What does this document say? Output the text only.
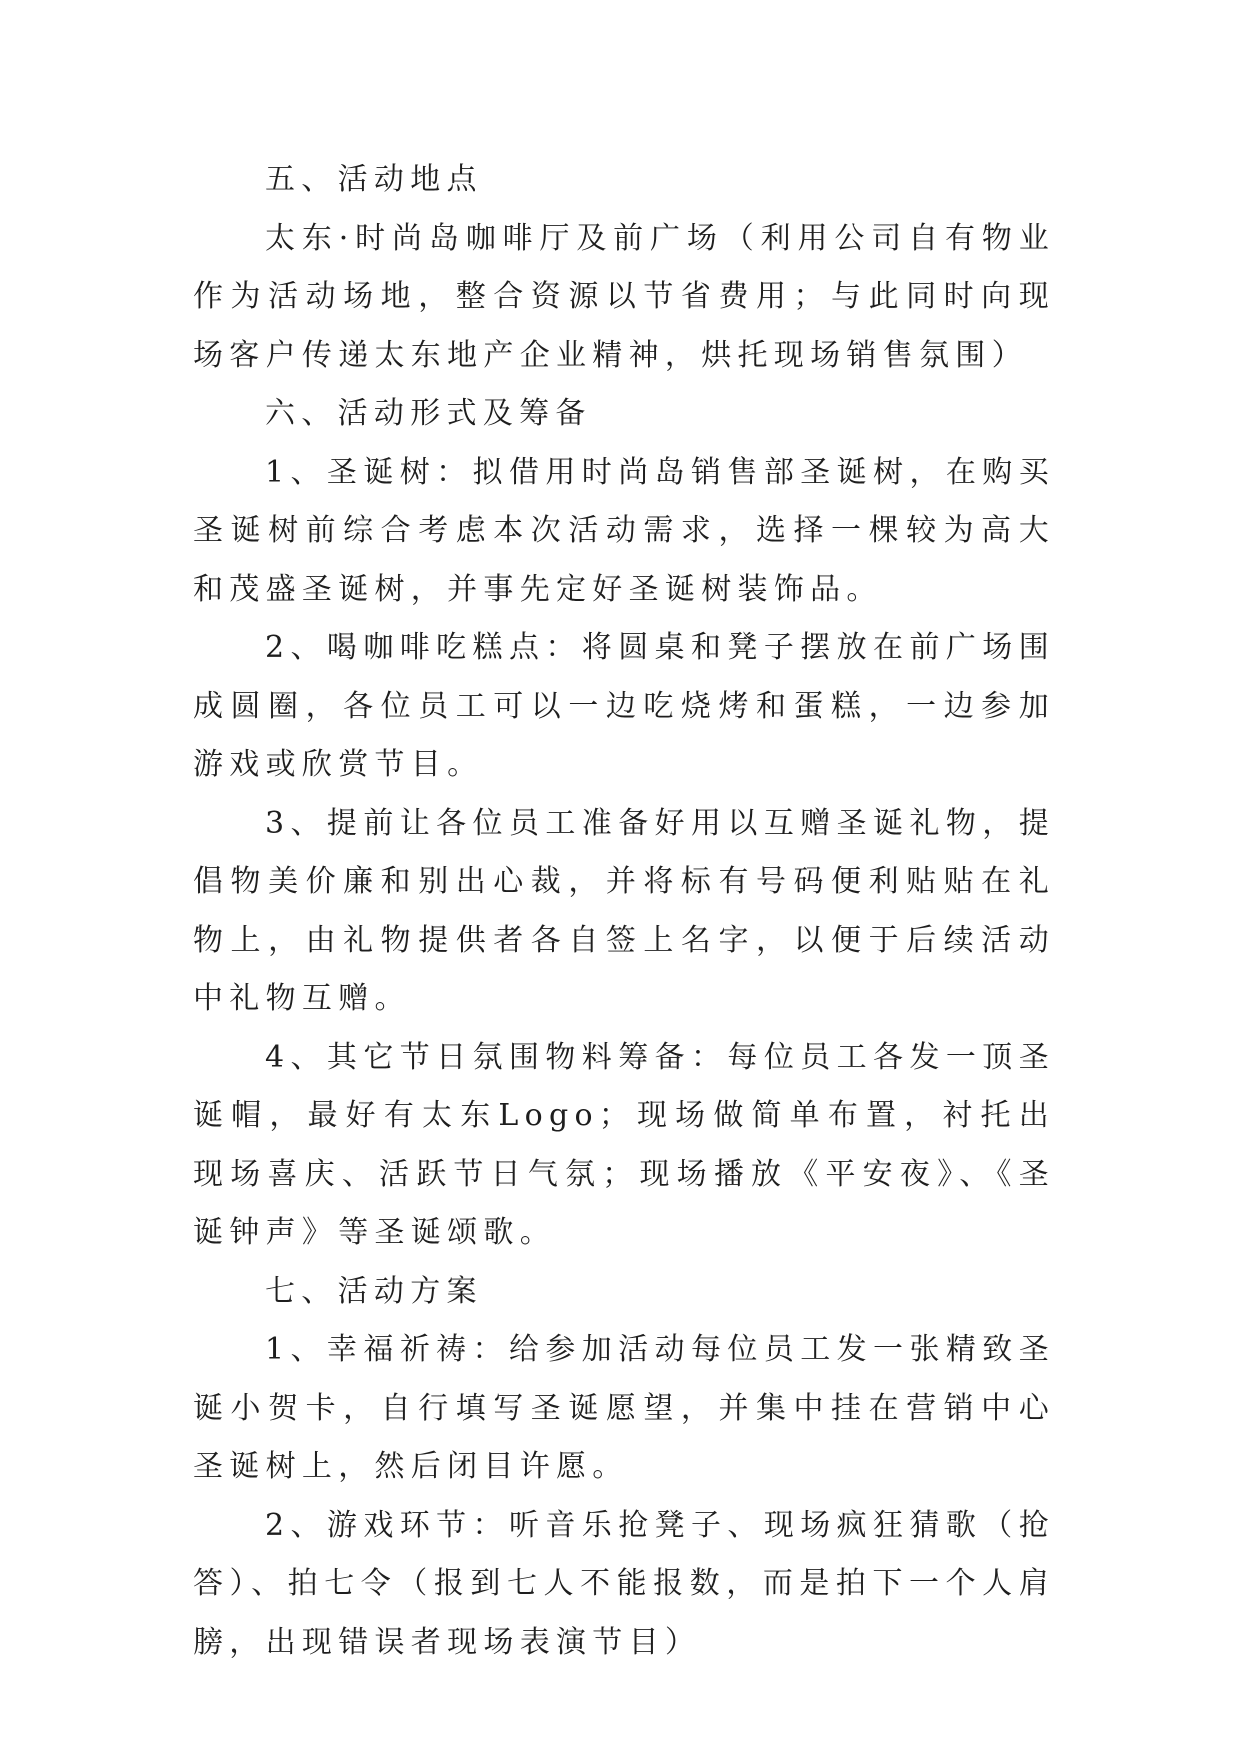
五、活动地点

太东·时尚岛咖啡厅及前广场（利用公司自有物业作为活动场地，整合资源以节省费用；与此同时向现场客户传递太东地产企业精神，烘托现场销售氛围）

六、活动形式及筹备

1、圣诞树：拟借用时尚岛销售部圣诞树，在购买圣诞树前综合考虑本次活动需求，选择一棵较为高大和茂盛圣诞树，并事先定好圣诞树装饰品。

2、喝咖啡吃糕点：将圆桌和凳子摆放在前广场围成圆圈，各位员工可以一边吃烧烤和蛋糕，一边参加游戏或欣赏节目。

3、提前让各位员工准备好用以互赠圣诞礼物，提倡物美价廉和别出心裁，并将标有号码便利贴贴在礼物上，由礼物提供者各自签上名字，以便于后续活动中礼物互赠。

4、其它节日氛围物料筹备：每位员工各发一顶圣诞帽，最好有太东Logo；现场做简单布置，衬托出现场喜庆、活跃节日气氛；现场播放《平安夜》、《圣诞钟声》等圣诞颂歌。

七、活动方案

1、幸福祈祷：给参加活动每位员工发一张精致圣诞小贺卡，自行填写圣诞愿望，并集中挂在营销中心圣诞树上，然后闭目许愿。

2、游戏环节：听音乐抢凳子、现场疯狂猜歌（抢答）、拍七令（报到七人不能报数，而是拍下一个人肩膀，出现错误者现场表演节目）
